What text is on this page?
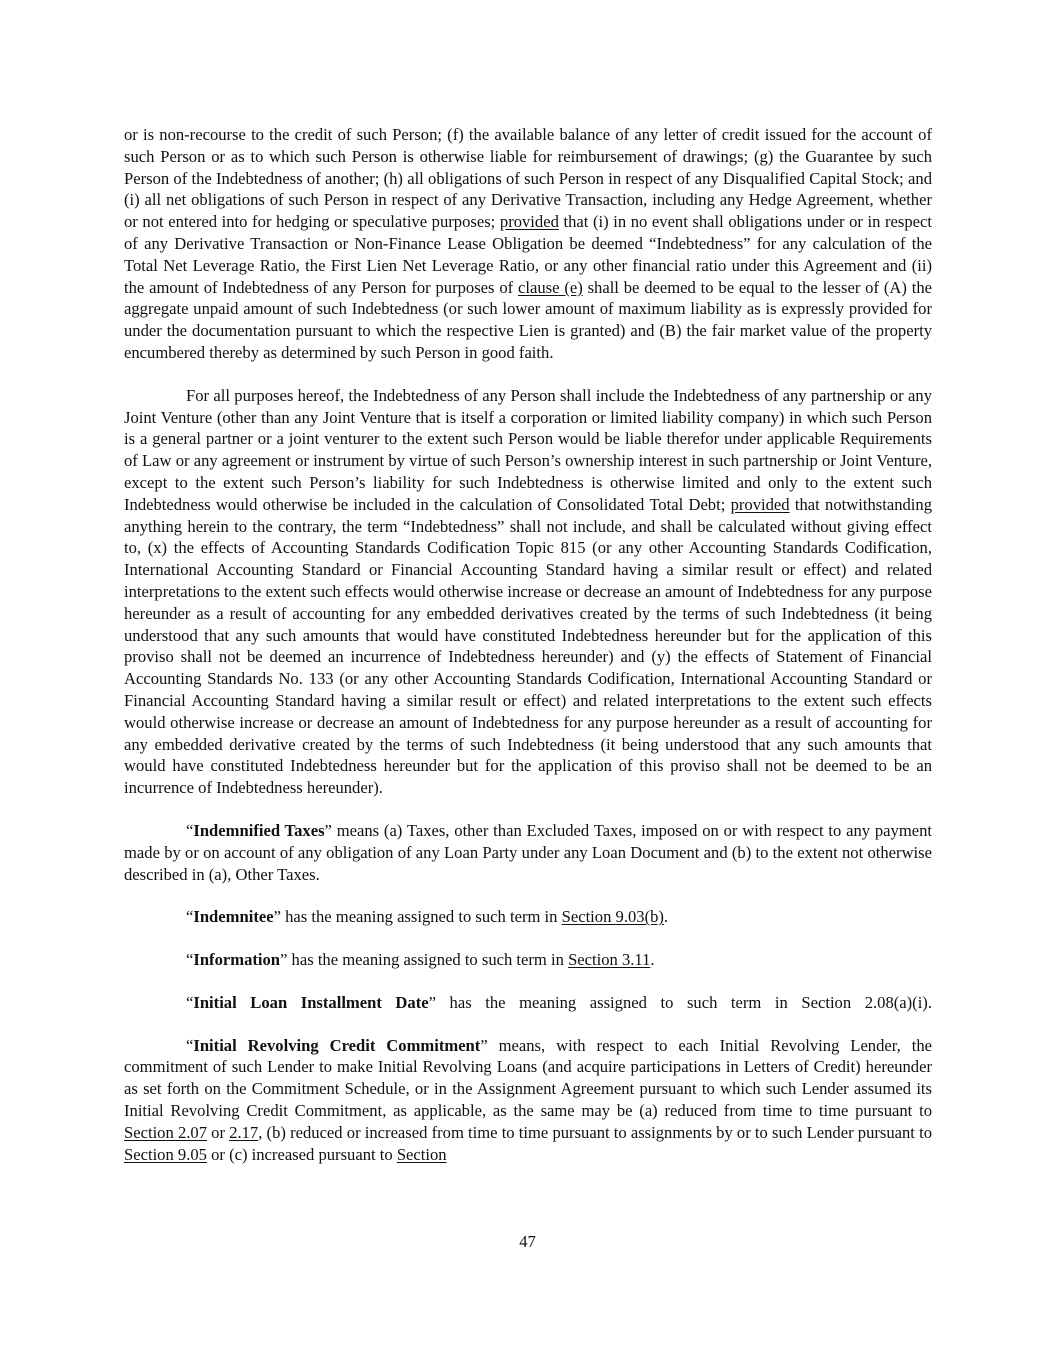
or is non-recourse to the credit of such Person; (f) the available balance of any letter of credit issued for the account of such Person or as to which such Person is otherwise liable for reimbursement of drawings; (g) the Guarantee by such Person of the Indebtedness of another; (h) all obligations of such Person in respect of any Disqualified Capital Stock; and (i) all net obligations of such Person in respect of any Derivative Transaction, including any Hedge Agreement, whether or not entered into for hedging or speculative purposes; provided that (i) in no event shall obligations under or in respect of any Derivative Transaction or Non-Finance Lease Obligation be deemed “Indebtedness” for any calculation of the Total Net Leverage Ratio, the First Lien Net Leverage Ratio, or any other financial ratio under this Agreement and (ii) the amount of Indebtedness of any Person for purposes of clause (e) shall be deemed to be equal to the lesser of (A) the aggregate unpaid amount of such Indebtedness (or such lower amount of maximum liability as is expressly provided for under the documentation pursuant to which the respective Lien is granted) and (B) the fair market value of the property encumbered thereby as determined by such Person in good faith.

For all purposes hereof, the Indebtedness of any Person shall include the Indebtedness of any partnership or any Joint Venture (other than any Joint Venture that is itself a corporation or limited liability company) in which such Person is a general partner or a joint venturer to the extent such Person would be liable therefor under applicable Requirements of Law or any agreement or instrument by virtue of such Person’s ownership interest in such partnership or Joint Venture, except to the extent such Person’s liability for such Indebtedness is otherwise limited and only to the extent such Indebtedness would otherwise be included in the calculation of Consolidated Total Debt; provided that notwithstanding anything herein to the contrary, the term “Indebtedness” shall not include, and shall be calculated without giving effect to, (x) the effects of Accounting Standards Codification Topic 815 (or any other Accounting Standards Codification, International Accounting Standard or Financial Accounting Standard having a similar result or effect) and related interpretations to the extent such effects would otherwise increase or decrease an amount of Indebtedness for any purpose hereunder as a result of accounting for any embedded derivatives created by the terms of such Indebtedness (it being understood that any such amounts that would have constituted Indebtedness hereunder but for the application of this proviso shall not be deemed an incurrence of Indebtedness hereunder) and (y) the effects of Statement of Financial Accounting Standards No. 133 (or any other Accounting Standards Codification, International Accounting Standard or Financial Accounting Standard having a similar result or effect) and related interpretations to the extent such effects would otherwise increase or decrease an amount of Indebtedness for any purpose hereunder as a result of accounting for any embedded derivative created by the terms of such Indebtedness (it being understood that any such amounts that would have constituted Indebtedness hereunder but for the application of this proviso shall not be deemed to be an incurrence of Indebtedness hereunder).

“Indemnified Taxes” means (a) Taxes, other than Excluded Taxes, imposed on or with respect to any payment made by or on account of any obligation of any Loan Party under any Loan Document and (b) to the extent not otherwise described in (a), Other Taxes.

“Indemnitee” has the meaning assigned to such term in Section 9.03(b).

“Information” has the meaning assigned to such term in Section 3.11.

“Initial Loan Installment Date” has the meaning assigned to such term in Section 2.08(a)(i).

“Initial Revolving Credit Commitment” means, with respect to each Initial Revolving Lender, the commitment of such Lender to make Initial Revolving Loans (and acquire participations in Letters of Credit) hereunder as set forth on the Commitment Schedule, or in the Assignment Agreement pursuant to which such Lender assumed its Initial Revolving Credit Commitment, as applicable, as the same may be (a) reduced from time to time pursuant to Section 2.07 or 2.17, (b) reduced or increased from time to time pursuant to assignments by or to such Lender pursuant to Section 9.05 or (c) increased pursuant to Section

47
